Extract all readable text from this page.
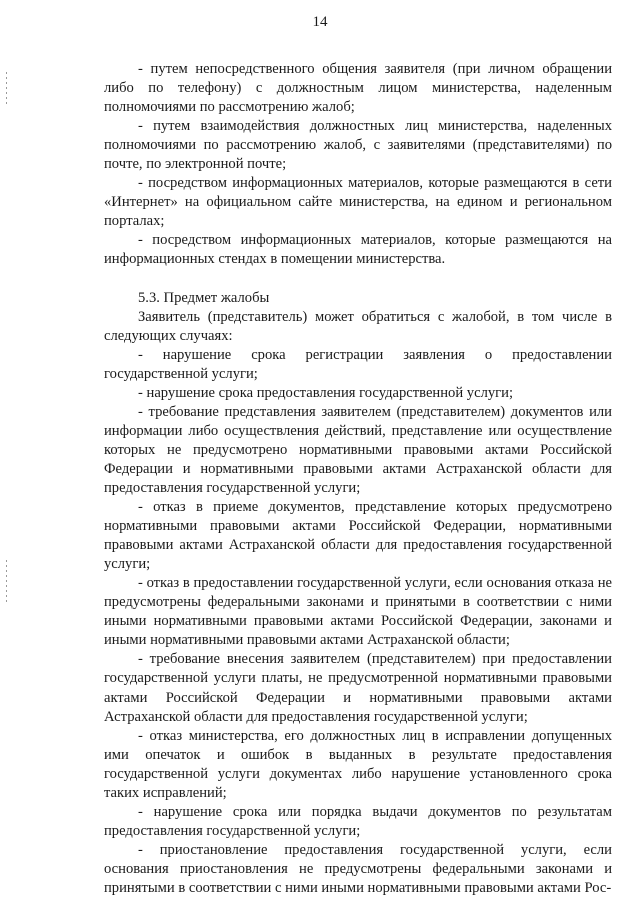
14

- путем непосредственного общения заявителя (при личном обращении либо по телефону) с должностным лицом министерства, наделенным полномочиями по рассмотрению жалоб;

- путем взаимодействия должностных лиц министерства, наделенных полномочиями по рассмотрению жалоб, с заявителями (представителями) по почте, по электронной почте;

- посредством информационных материалов, которые размещаются в сети «Интернет» на официальном сайте министерства, на едином и региональном порталах;

- посредством информационных материалов, которые размещаются на информационных стендах в помещении министерства.

5.3. Предмет жалобы

Заявитель (представитель) может обратиться с жалобой, в том числе в следующих случаях:

- нарушение срока регистрации заявления о предоставлении государственной услуги;

- нарушение срока предоставления государственной услуги;

- требование представления заявителем (представителем) документов или информации либо осуществления действий, представление или осуществление которых не предусмотрено нормативными правовыми актами Российской Федерации и нормативными правовыми актами Астраханской области для предоставления государственной услуги;

- отказ в приеме документов, представление которых предусмотрено нормативными правовыми актами Российской Федерации, нормативными правовыми актами Астраханской области для предоставления государственной услуги;

- отказ в предоставлении государственной услуги, если основания отказа не предусмотрены федеральными законами и принятыми в соответствии с ними иными нормативными правовыми актами Российской Федерации, законами и иными нормативными правовыми актами Астраханской области;

- требование внесения заявителем (представителем) при предоставлении государственной услуги платы, не предусмотренной нормативными правовыми актами Российской Федерации и нормативными правовыми актами Астраханской области для предоставления государственной услуги;

- отказ министерства, его должностных лиц в исправлении допущенных ими опечаток и ошибок в выданных в результате предоставления государственной услуги документах либо нарушение установленного срока таких исправлений;

- нарушение срока или порядка выдачи документов по результатам предоставления государственной услуги;

- приостановление предоставления государственной услуги, если основания приостановления не предусмотрены федеральными законами и принятыми в соответствии с ними иными нормативными правовыми актами Рос-
